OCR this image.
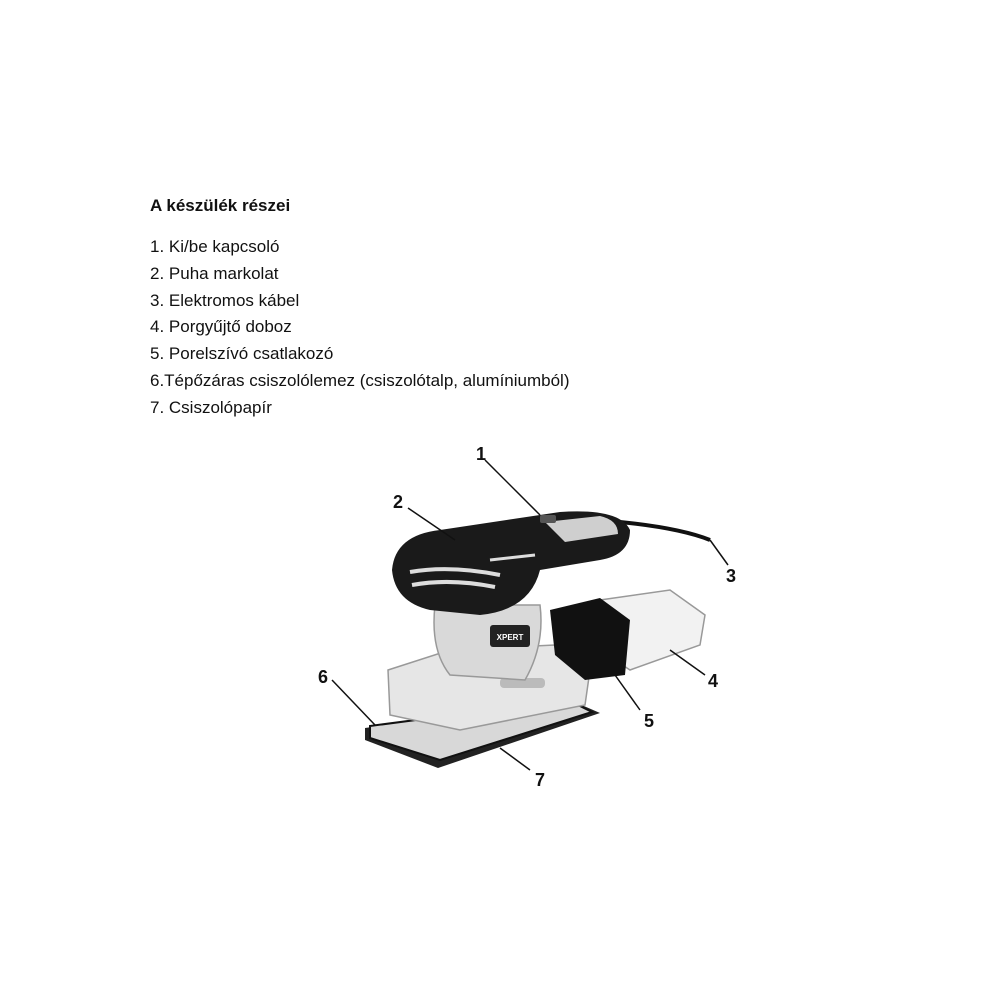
A készülék részei
1. Ki/be kapcsoló
2. Puha markolat
3. Elektromos kábel
4. Porgyűjtő doboz
5. Porelszívó csatlakozó
6.Tépőzáras csiszolólemez (csiszolótalp, alumíniumból)
7. Csiszolópapír
XPERT
1
2
3
4
5
6
7
